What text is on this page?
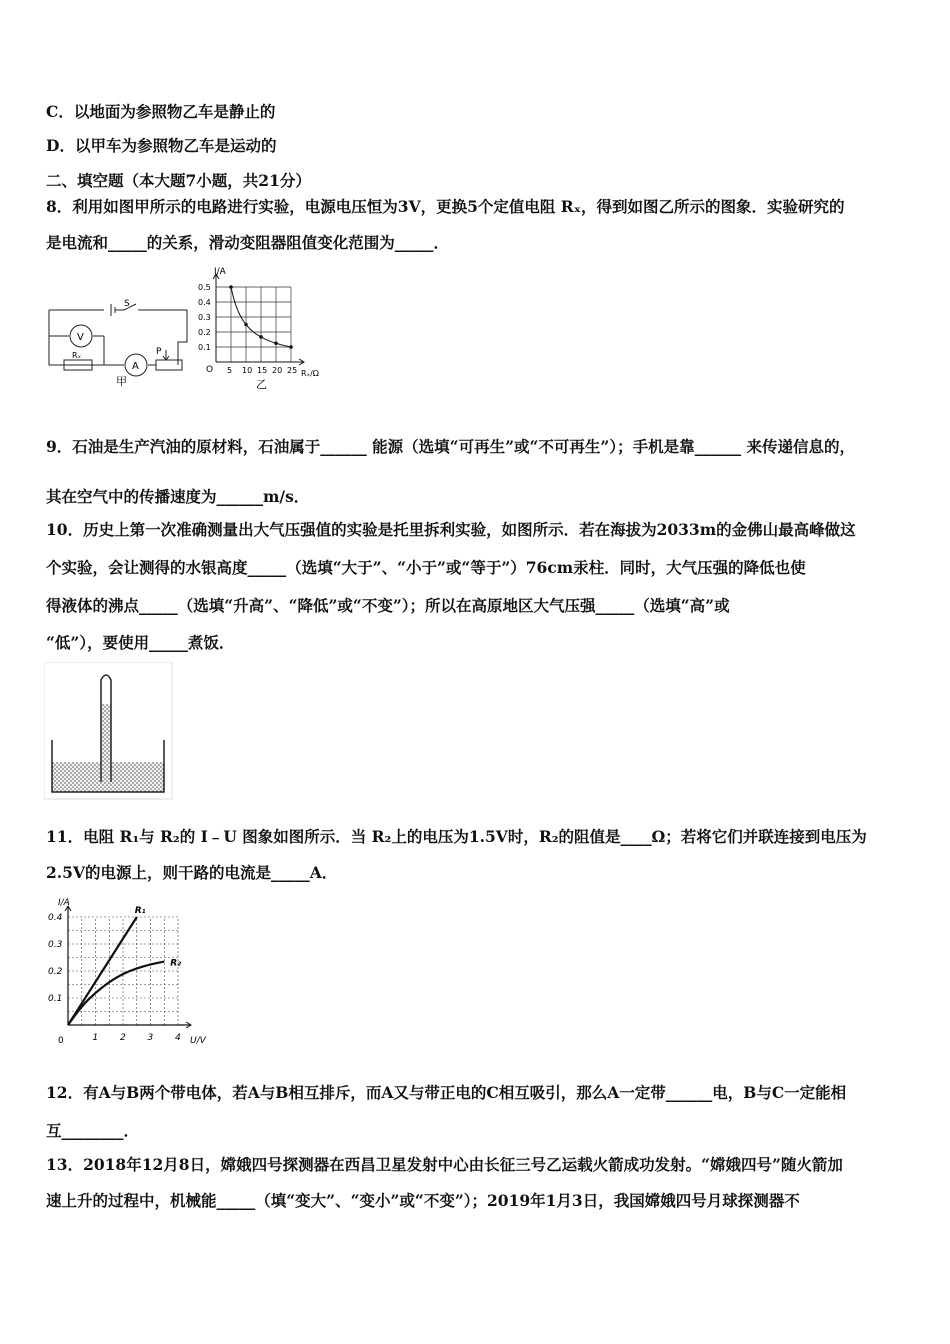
C．以地面为参照物乙车是静止的
D．以甲车为参照物乙车是运动的
二、填空题（本大题7小题，共21分）
8．利用如图甲所示的电路进行实验，电源电压恒为3V，更换5个定值电阻 Rₓ，得到如图乙所示的图象．实验研究的
是电流和_____的关系，滑动变阻器阻值变化范围为_____．
S
V
Rₓ
A
P
甲
0.5
0.4
0.3
0.2
0.1
5 10 15 20 25
I/A
Rₓ/Ω
O
乙
9．石油是生产汽油的原材料，石油属于______ 能源（选填“可再生”或“不可再生”）；手机是靠______ 来传递信息的，
其在空气中的传播速度为______m/s．
10．历史上第一次准确测量出大气压强值的实验是托里拆利实验，如图所示．若在海拔为2033m的金佛山最高峰做这
个实验，会让测得的水银高度_____（选填“大于”、“小于”或“等于”）76cm汞柱．同时，大气压强的降低也使
得液体的沸点_____（选填“升高”、“降低”或“不变”）；所以在高原地区大气压强_____（选填“高”或
“低”），要使用_____煮饭．
11．电阻 R₁与 R₂的 I﹣U 图象如图所示．当 R₂上的电压为1.5V时，R₂的阻值是____Ω；若将它们并联连接到电压为
2.5V的电源上，则干路的电流是_____A．
0.4
0.3
0.2
0.1
1 2 3 4
R₁
R₂
I/A
U/V
0
12．有A与B两个带电体，若A与B相互排斥，而A又与带正电的C相互吸引，那么A一定带______电，B与C一定能相
互________．
13．2018年12月8日，嫦娥四号探测器在西昌卫星发射中心由长征三号乙运载火箭成功发射。“嫦娥四号”随火箭加
速上升的过程中，机械能_____（填“变大”、“变小”或“不变”）；2019年1月3日，我国嫦娥四号月球探测器不
